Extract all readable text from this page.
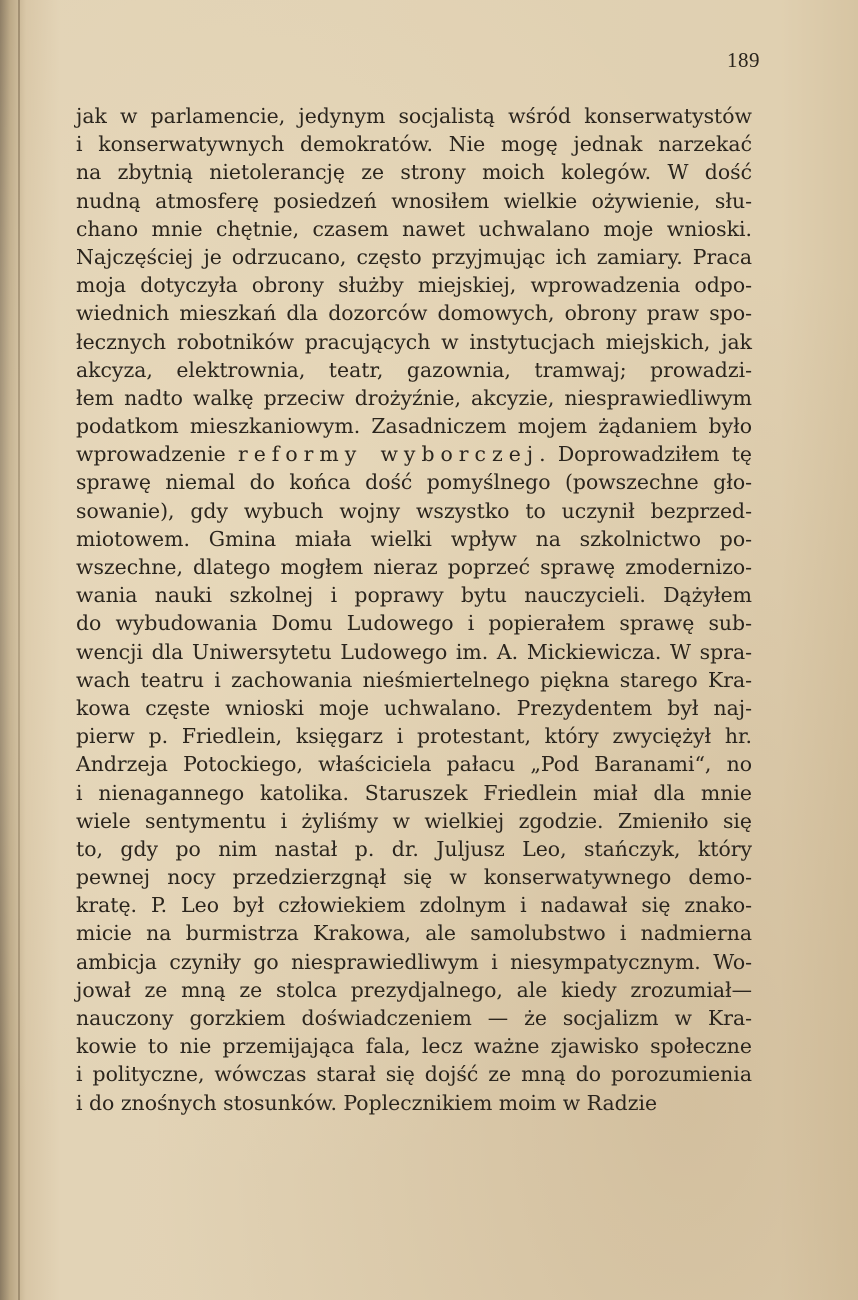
189
jak w parlamencie, jedynym socjalistą wśród konserwatystów
i konserwatywnych demokratów. Nie mogę jednak narzekać
na zbytnią nietolerancję ze strony moich kolegów. W dość
nudną atmosferę posiedzeń wnosiłem wielkie ożywienie, słu-
chano mnie chętnie, czasem nawet uchwalano moje wnioski.
Najczęściej je odrzucano, często przyjmując ich zamiary. Praca
moja dotyczyła obrony służby miejskiej, wprowadzenia odpo-
wiednich mieszkań dla dozorców domowych, obrony praw spo-
łecznych robotników pracujących w instytucjach miejskich, jak
akcyza, elektrownia, teatr, gazownia, tramwaj; prowadzi-
łem nadto walkę przeciw drożyźnie, akcyzie, niesprawiedliwym
podatkom mieszkaniowym. Zasadniczem mojem żądaniem było
wprowadzenie reformy wyborczej. Doprowadziłem tę
sprawę niemal do końca dość pomyślnego (powszechne gło-
sowanie), gdy wybuch wojny wszystko to uczynił bezprzed-
miotowem. Gmina miała wielki wpływ na szkolnictwo po-
wszechne, dlatego mogłem nieraz poprzeć sprawę zmodernizo-
wania nauki szkolnej i poprawy bytu nauczycieli. Dążyłem
do wybudowania Domu Ludowego i popierałem sprawę sub-
wencji dla Uniwersytetu Ludowego im. A. Mickiewicza. W spra-
wach teatru i zachowania nieśmiertelnego piękna starego Kra-
kowa częste wnioski moje uchwalano. Prezydentem był naj-
pierw p. Friedlein, księgarz i protestant, który zwyciężył hr.
Andrzeja Potockiego, właściciela pałacu „Pod Baranami“, no
i nienagannego katolika. Staruszek Friedlein miał dla mnie
wiele sentymentu i żyliśmy w wielkiej zgodzie. Zmieniło się
to, gdy po nim nastał p. dr. Juljusz Leo, stańczyk, który
pewnej nocy przedzierzgnął się w konserwatywnego demo-
kratę. P. Leo był człowiekiem zdolnym i nadawał się znako-
micie na burmistrza Krakowa, ale samolubstwo i nadmierna
ambicja czyniły go niesprawiedliwym i niesympatycznym. Wo-
jował ze mną ze stolca prezydjalnego, ale kiedy zrozumiał—
nauczony gorzkiem doświadczeniem — że socjalizm w Kra-
kowie to nie przemijająca fala, lecz ważne zjawisko społeczne
i polityczne, wówczas starał się dojść ze mną do porozumienia
i do znośnych stosunków. Poplecznikiem moim w Radzie
